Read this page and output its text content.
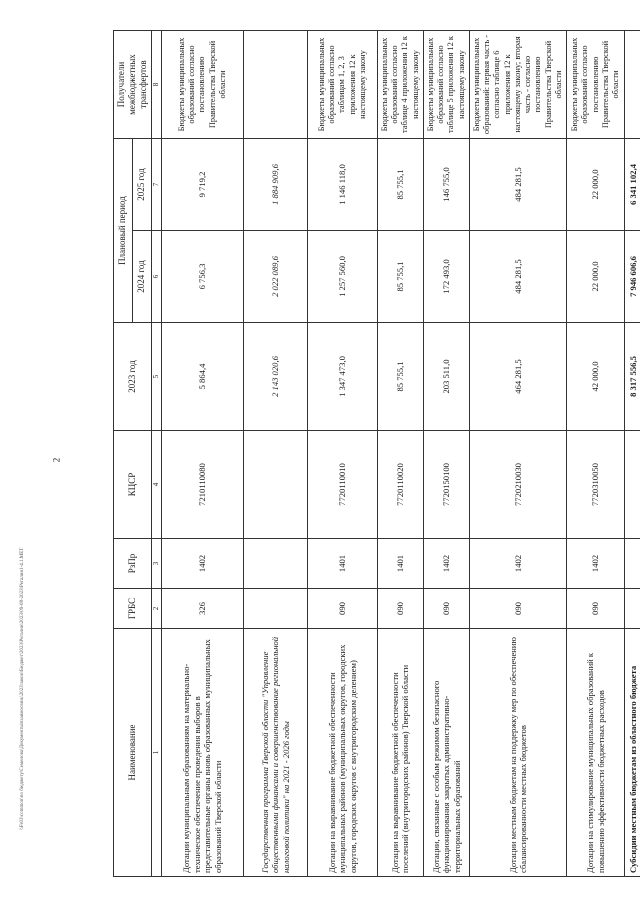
2
Наименование	ГРБС	РзПр	КЦСР	2023 год	Плановый период		Получатели межбюджетных трансфертов
					2024 год	2025 год	
1	2	3	4	5	6	7	8
Дотации муниципальным образованиям на материально-техническое обеспечение проведения выборов в представительные органы вновь образованных муниципальных образований Тверской области	326	1402	7210110080	5 864,4	6 756,3	9 719,2	Бюджеты муниципальных образований согласно постановлению Правительства Тверской области
Государственная программа Тверской области "Управление общественными финансами и совершенствование региональной налоговой политики" на 2021 - 2026 годы				2 143 020,6	2 022 089,6	1 884 909,6	
Дотации на выравнивание бюджетной обеспеченности муниципальных районов (муниципальных округов, городских округов, городских округов с внутригородским делением)	090	1401	7720110010	1 347 473,0	1 257 560,0	1 146 118,0	Бюджеты муниципальных образований согласно таблицам 1, 2, 3 приложения 12 к настоящему закону
Дотации на выравнивание бюджетной обеспеченности поселений (внутригородских районов) Тверской области	090	1401	7720110020	85 755,1	85 755,1	85 755,1	Бюджеты муниципальных образований согласно таблице 4 приложения 12 к настоящему закону
Дотации, связанные с особым режимом безопасного функционирования закрытых административно-территориальных образований	090	1402	7720150100	203 511,0	172 493,0	146 755,0	Бюджеты муниципальных образований согласно таблице 5 приложения 12 к настоящему закону
Дотации местным бюджетам на поддержку мер по обеспечению сбалансированности местных бюджетов	090	1402	7720210030	464 281,5	484 281,5	484 281,5	Бюджеты муниципальных образований: первая часть - согласно таблице 6 приложения 12 к настоящему закону; вторая часть - согласно постановлению Правительства Тверской области
Дотации на стимулирование муниципальных образований к повышению эффективности бюджетных расходов	090	1402	7720310050	42 000,0	22 000,0	22 000,0	Бюджеты муниципальных образований согласно постановлению Правительства Тверской области
Субсидии местным бюджетам из областного бюджета				8 317 556,5	7 946 606,6	6 341 102,4	
\\Fs03\common\по бюджету\Семенова\Документы\взаимосвязь\2023\закон\Бюджет\2023\Регалии\2023\09-08-2023\Регалии1-4.1.МЕТ
